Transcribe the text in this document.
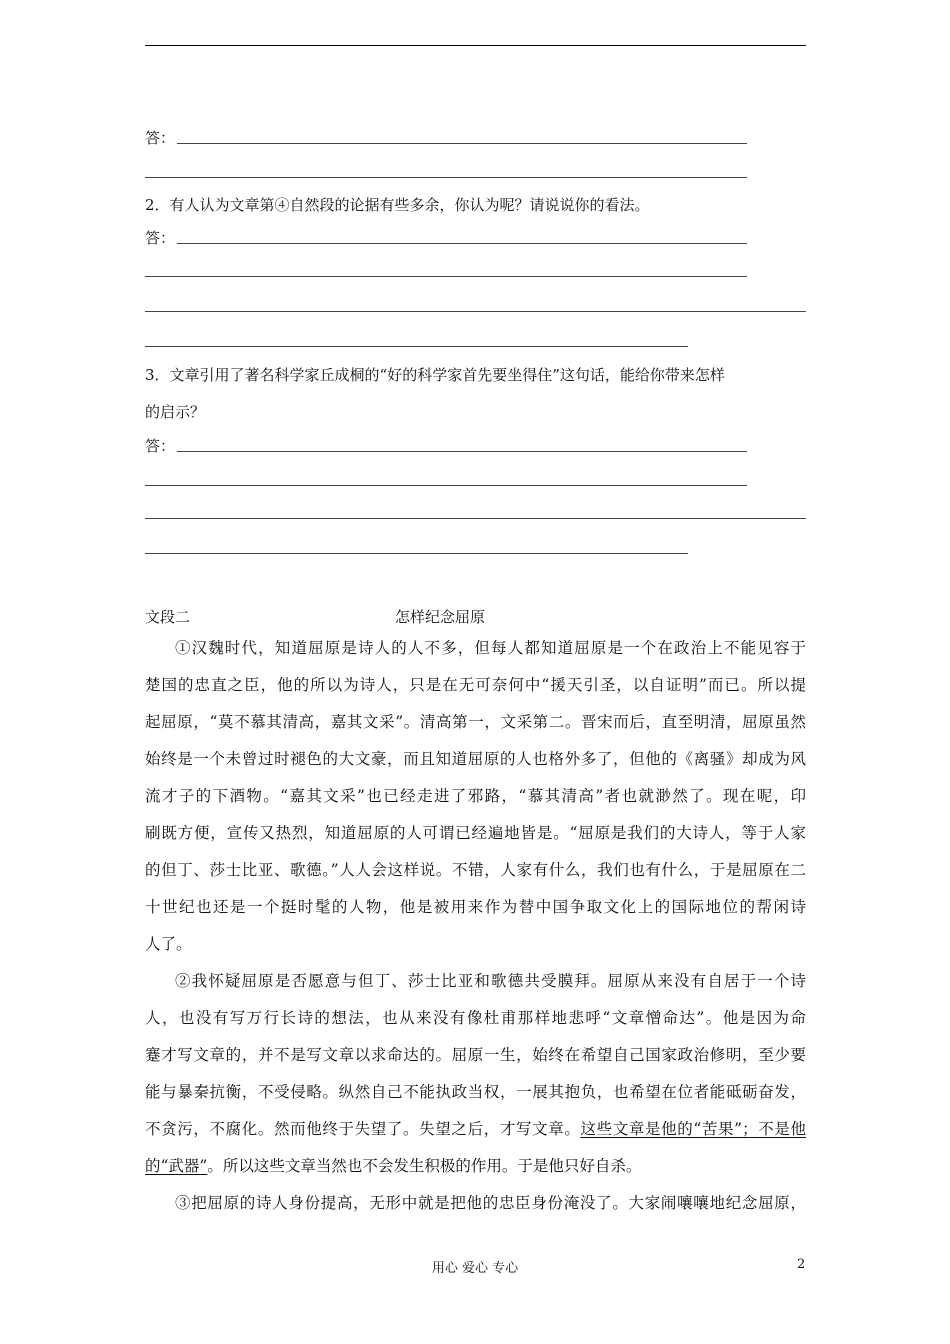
答：
2．有人认为文章第④自然段的论据有些多余，你认为呢？请说说你的看法。
答：
3．文章引用了著名科学家丘成桐的“好的科学家首先要坐得住”这句话，能给你带来怎样
的启示？
答：
文段二	怎样纪念屈原
①汉魏时代，知道屈原是诗人的人不多，但每人都知道屈原是一个在政治上不能见容于
楚国的忠直之臣，他的所以为诗人，只是在无可奈何中“援天引圣，以自证明”而已。所以提
起屈原，“莫不慕其清高，嘉其文采”。清高第一，文采第二。晋宋而后，直至明清，屈原虽然
始终是一个未曾过时褪色的大文豪，而且知道屈原的人也格外多了，但他的《离骚》却成为风
流才子的下酒物。“嘉其文采”也已经走进了邪路，“慕其清高”者也就渺然了。现在呢，印
刷既方便，宣传又热烈，知道屈原的人可谓已经遍地皆是。“屈原是我们的大诗人，等于人家
的但丁、莎士比亚、歌德。”人人会这样说。不错，人家有什么，我们也有什么，于是屈原在二
十世纪也还是一个挺时髦的人物，他是被用来作为替中国争取文化上的国际地位的帮闲诗
人了。
②我怀疑屈原是否愿意与但丁、莎士比亚和歌德共受膜拜。屈原从来没有自居于一个诗
人，也没有写万行长诗的想法，也从来没有像杜甫那样地悲呼“文章憎命达”。他是因为命
蹇才写文章的，并不是写文章以求命达的。屈原一生，始终在希望自己国家政治修明，至少要
能与暴秦抗衡，不受侵略。纵然自己不能执政当权，一展其抱负，也希望在位者能砥砺奋发，
不贪污，不腐化。然而他终于失望了。失望之后，才写文章。这些文章是他的“苦果”；不是他
的“武器”。所以这些文章当然也不会发生积极的作用。于是他只好自杀。
③把屈原的诗人身份提高，无形中就是把他的忠臣身份淹没了。大家闹嚷嚷地纪念屈原，
用心 爱心 专心	2
